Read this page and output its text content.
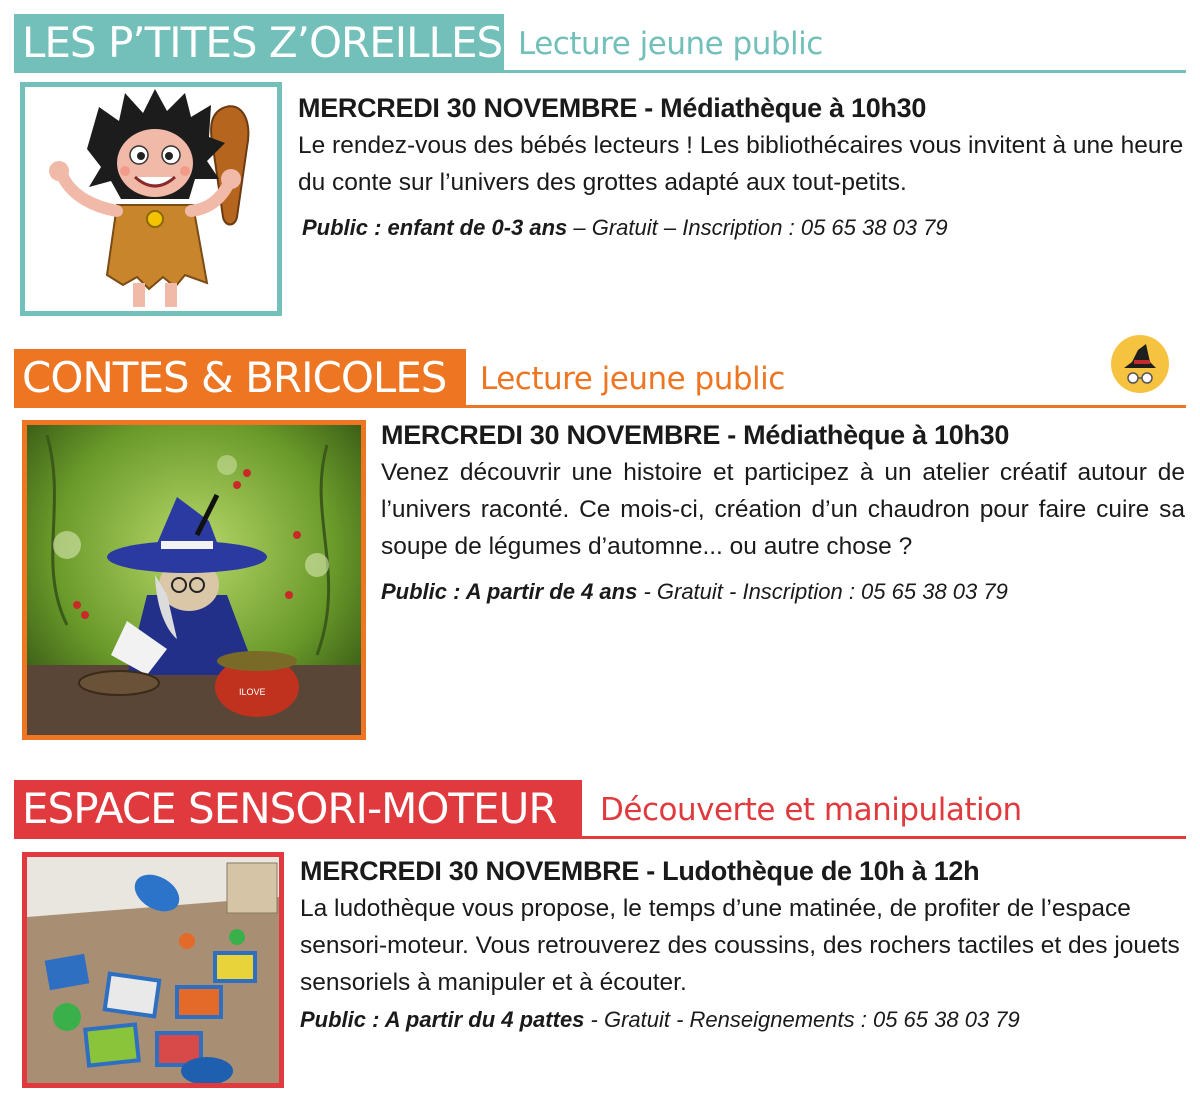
LES P’TITES Z’OREILLES Lecture jeune public
MERCREDI 30 NOVEMBRE - Médiathèque à 10h30
Le rendez-vous des bébés lecteurs ! Les bibliothécaires vous invitent à une heure du conte sur l’univers des grottes adapté aux tout-petits.
Public : enfant de 0-3 ans – Gratuit – Inscription : 05 65 38 03 79
CONTES & BRICOLES	Lecture jeune public
ILOVE
MERCREDI 30 NOVEMBRE - Médiathèque à 10h30
Venez découvrir une histoire et participez à un atelier créatif autour de l’univers raconté. Ce mois-ci, création d’un chaudron pour faire cuire sa soupe de légumes d’automne... ou autre chose ?
Public : A partir de 4 ans - Gratuit - Inscription : 05 65 38 03 79
ESPACE SENSORI-MOTEUR	Découverte et manipulation
MERCREDI 30 NOVEMBRE - Ludothèque de 10h à 12h
La ludothèque vous propose, le temps d’une matinée, de profiter de l’espace sensori-moteur. Vous retrouverez des coussins, des rochers tactiles et des jouets sensoriels à manipuler et à écouter.
Public : A partir du 4 pattes - Gratuit - Renseignements : 05 65 38 03 79
